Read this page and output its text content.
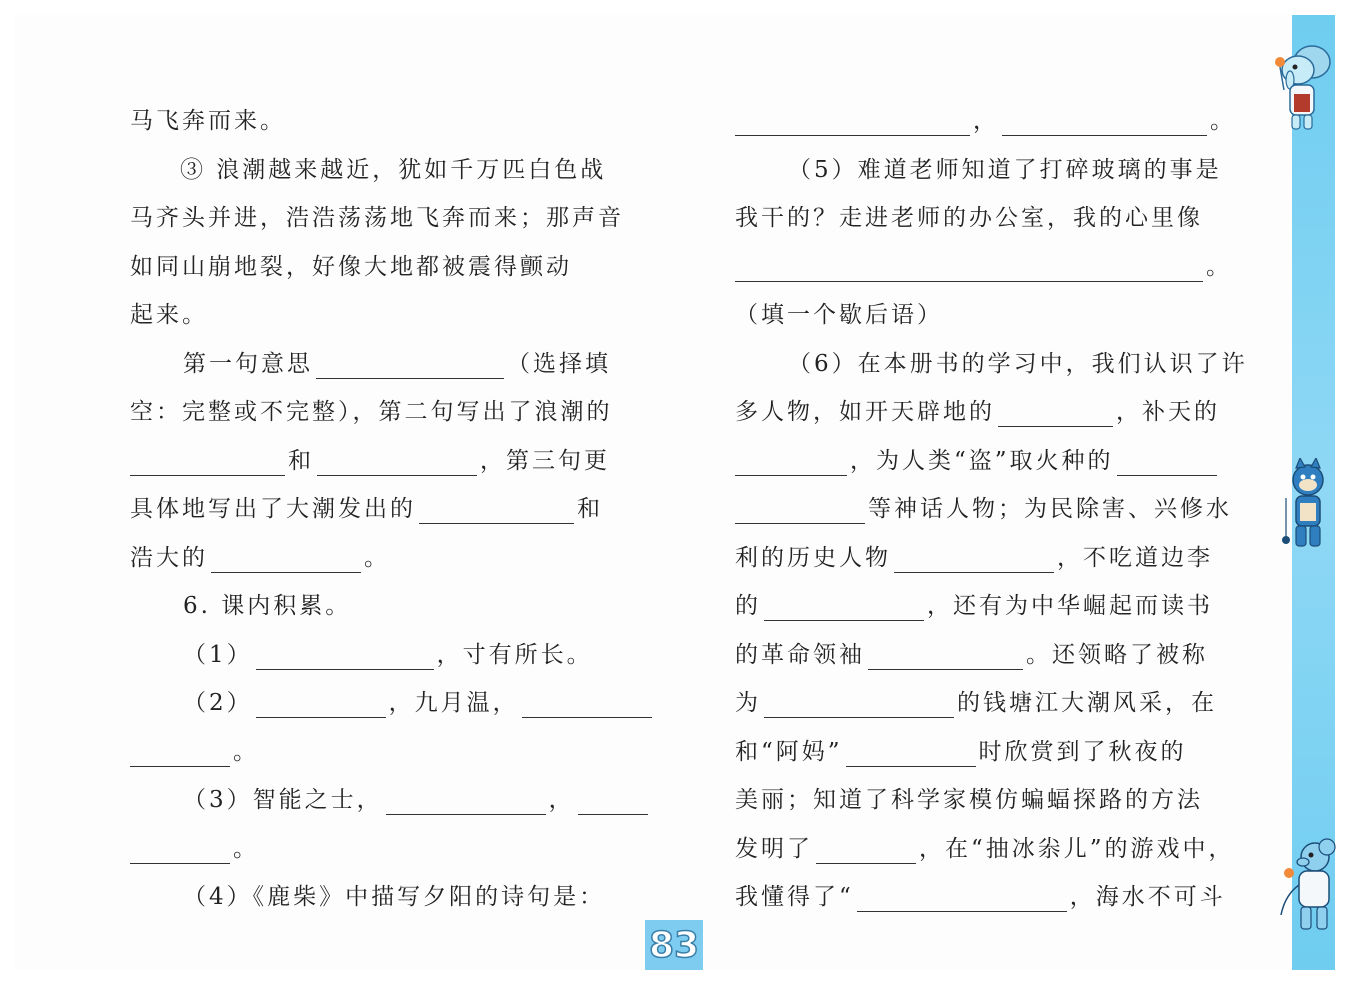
马飞奔而来。
③ 浪潮越来越近，犹如千万匹白色战
马齐头并进，浩浩荡荡地飞奔而来；那声音
如同山崩地裂，好像大地都被震得颤动
起来。
第一句意思	（选择填
空：完整或不完整），第二句写出了浪潮的
和	，第三句更
具体地写出了大潮发出的	和
浩大的	。
6. 课内积累。
（1）	，寸有所长。
（2）	，九月温，
。
（3）智能之士，	，
。
（4）《鹿柴》中描写夕阳的诗句是：
，	。
（5）难道老师知道了打碎玻璃的事是
我干的？走进老师的办公室，我的心里像
。
（填一个歇后语）
（6）在本册书的学习中，我们认识了许
多人物，如开天辟地的	，补天的
，为人类“盗”取火种的
等神话人物；为民除害、兴修水
利的历史人物	，不吃道边李
的	，还有为中华崛起而读书
的革命领袖	。还领略了被称
为	的钱塘江大潮风采，在
和“阿妈”	时欣赏到了秋夜的
美丽；知道了科学家模仿蝙蝠探路的方法
发明了	，在“抽冰尜儿”的游戏中，
我懂得了“	，海水不可斗
83
